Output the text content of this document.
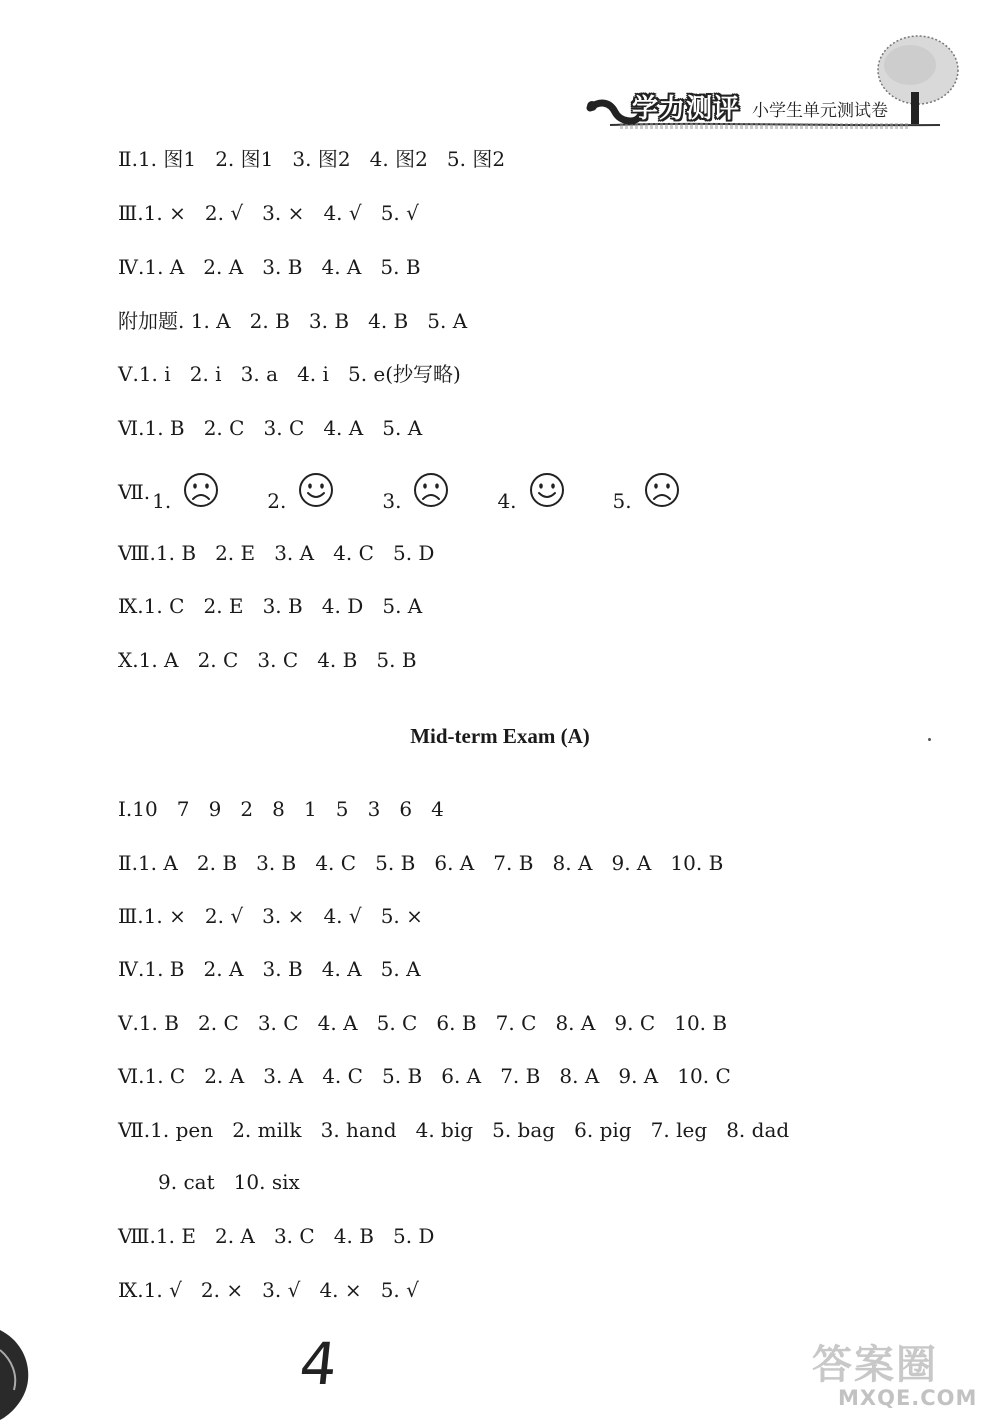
学力测评 小学生单元测试卷
Ⅱ. 1. 图1   2. 图1   3. 图2   4. 图2   5. 图2
Ⅲ. 1. ×   2. √   3. ×   4. √   5. √
Ⅳ. 1. A   2. A   3. B   4. A   5. B
附加题. 1. A   2. B   3. B   4. B   5. A
Ⅴ. 1. i   2. i   3. a   4. i   5. e(抄写略)
Ⅵ. 1. B   2. C   3. C   4. A   5. A
Ⅶ. 1.	2.	3.	4.	5.
Ⅷ. 1. B   2. E   3. A   4. C   5. D
Ⅸ. 1. C   2. E   3. B   4. D   5. A
Ⅹ. 1. A   2. C   3. C   4. B   5. B
Mid-term Exam (A)
Ⅰ. 10   7   9   2   8   1   5   3   6   4
Ⅱ. 1. A   2. B   3. B   4. C   5. B   6. A   7. B   8. A   9. A   10. B
Ⅲ. 1. ×   2. √   3. ×   4. √   5. ×
Ⅳ. 1. B   2. A   3. B   4. A   5. A
Ⅴ. 1. B   2. C   3. C   4. A   5. C   6. B   7. C   8. A   9. C   10. B
Ⅵ. 1. C   2. A   3. A   4. C   5. B   6. A   7. B   8. A   9. A   10. C
Ⅶ. 1. pen   2. milk   3. hand   4. big   5. bag   6. pig   7. leg   8. dad
9. cat   10. six
Ⅷ. 1. E   2. A   3. C   4. B   5. D
Ⅸ. 1. √   2. ×   3. √   4. ×   5. √
4	答案圈
MXQE.COM
